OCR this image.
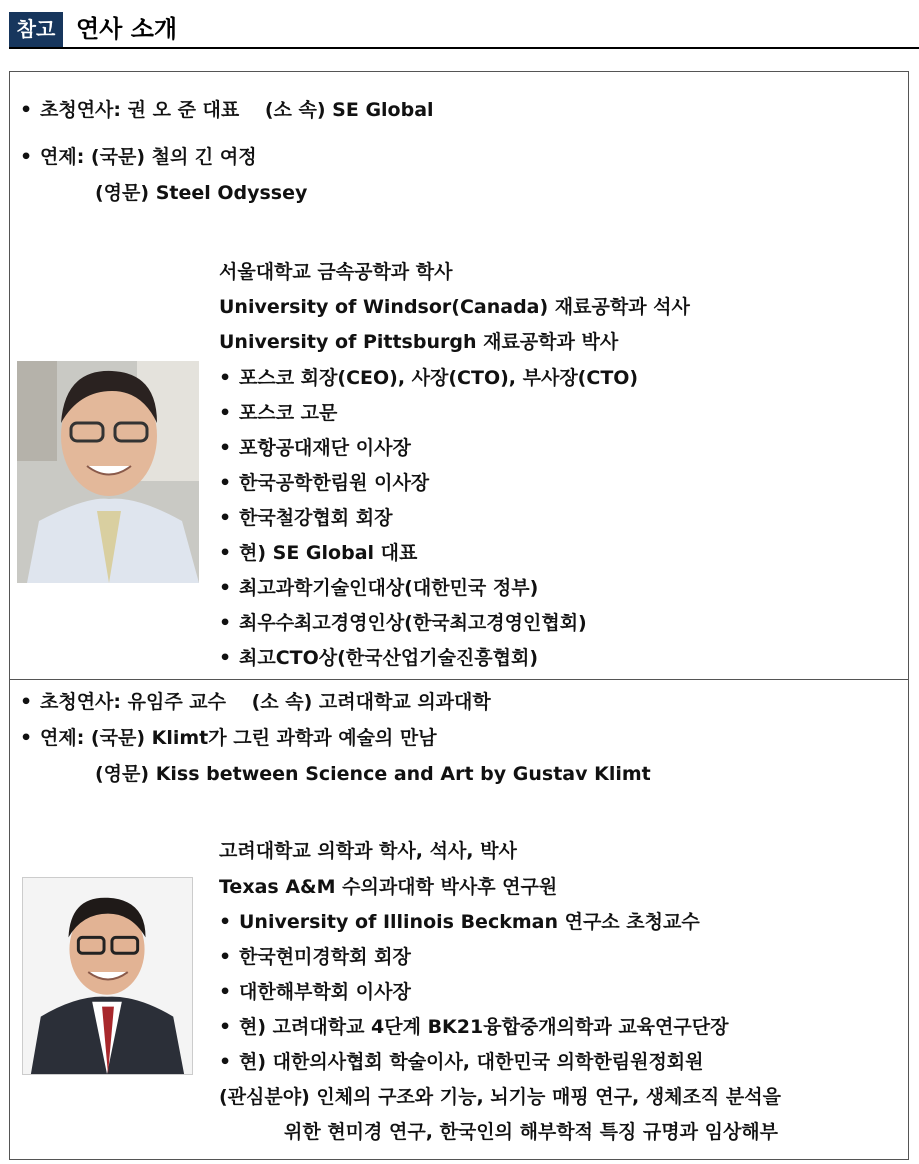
참고 연사 소개
• 초청연사: 권 오 준 대표　 (소 속) SE Global
• 연제: (국문) 철의 긴 여정
(영문) Steel Odyssey
서울대학교 금속공학과 학사
University of Windsor(Canada) 재료공학과 석사
University of Pittsburgh 재료공학과 박사
• 포스코 회장(CEO), 사장(CTO), 부사장(CTO)
• 포스코 고문
• 포항공대재단 이사장
• 한국공학한림원 이사장
• 한국철강협회 회장
• 현) SE Global 대표
• 최고과학기술인대상(대한민국 정부)
• 최우수최고경영인상(한국최고경영인협회)
• 최고CTO상(한국산업기술진흥협회)
• 초청연사: 유임주 교수　 (소 속) 고려대학교 의과대학
• 연제: (국문) Klimt가 그린 과학과 예술의 만남
(영문) Kiss between Science and Art by Gustav Klimt
고려대학교 의학과 학사, 석사, 박사
Texas A&M 수의과대학 박사후 연구원
• University of Illinois Beckman 연구소 초청교수
• 한국현미경학회 회장
• 대한해부학회 이사장
• 현) 고려대학교 4단계 BK21융합중개의학과 교육연구단장
• 현) 대한의사협회 학술이사, 대한민국 의학한림원정회원
(관심분야) 인체의 구조와 기능, 뇌기능 매핑 연구, 생체조직 분석을
위한 현미경 연구, 한국인의 해부학적 특징 규명과 임상해부
